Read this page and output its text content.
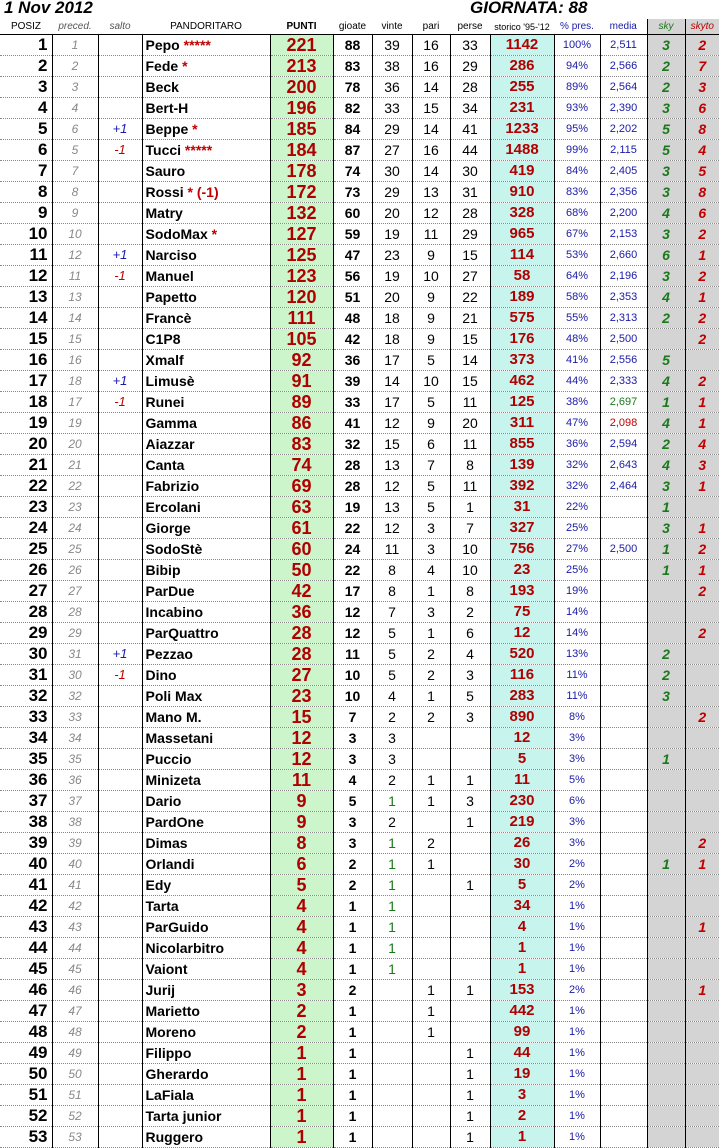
1 Nov 2012	GIORNATA: 88
POSIZ	preced.	salto	PANDORITARO	PUNTI	gioate	vinte	pari	perse	storico '95-'12	% pres.	media	sky	skyto
1	1		Pepo *****	221	88	39	16	33	1142	100%	2,511	3	2
2	2		Fede *	213	83	38	16	29	286	94%	2,566	2	7
3	3		Beck	200	78	36	14	28	255	89%	2,564	2	3
4	4		Bert-H	196	82	33	15	34	231	93%	2,390	3	6
5	6	+1	Beppe *	185	84	29	14	41	1233	95%	2,202	5	8
6	5	-1	Tucci *****	184	87	27	16	44	1488	99%	2,115	5	4
7	7		Sauro	178	74	30	14	30	419	84%	2,405	3	5
8	8		Rossi * (-1)	172	73	29	13	31	910	83%	2,356	3	8
9	9		Matry	132	60	20	12	28	328	68%	2,200	4	6
10	10		SodoMax *	127	59	19	11	29	965	67%	2,153	3	2
11	12	+1	Narciso	125	47	23	9	15	114	53%	2,660	6	1
12	11	-1	Manuel	123	56	19	10	27	58	64%	2,196	3	2
13	13		Papetto	120	51	20	9	22	189	58%	2,353	4	1
14	14		Francè	111	48	18	9	21	575	55%	2,313	2	2
15	15		C1P8	105	42	18	9	15	176	48%	2,500		2
16	16		Xmalf	92	36	17	5	14	373	41%	2,556	5	
17	18	+1	Limusè	91	39	14	10	15	462	44%	2,333	4	2
18	17	-1	Runei	89	33	17	5	11	125	38%	2,697	1	1
19	19		Gamma	86	41	12	9	20	311	47%	2,098	4	1
20	20		Aiazzar	83	32	15	6	11	855	36%	2,594	2	4
21	21		Canta	74	28	13	7	8	139	32%	2,643	4	3
22	22		Fabrizio	69	28	12	5	11	392	32%	2,464	3	1
23	23		Ercolani	63	19	13	5	1	31	22%		1	
24	24		Giorge	61	22	12	3	7	327	25%		3	1
25	25		SodoStè	60	24	11	3	10	756	27%	2,500	1	2
26	26		Bibip	50	22	8	4	10	23	25%		1	1
27	27		ParDue	42	17	8	1	8	193	19%			2
28	28		Incabino	36	12	7	3	2	75	14%			
29	29		ParQuattro	28	12	5	1	6	12	14%			2
30	31	+1	Pezzao	28	11	5	2	4	520	13%		2	
31	30	-1	Dino	27	10	5	2	3	116	11%		2	
32	32		Poli Max	23	10	4	1	5	283	11%		3	
33	33		Mano M.	15	7	2	2	3	890	8%			2
34	34		Massetani	12	3	3			12	3%			
35	35		Puccio	12	3	3			5	3%		1	
36	36		Minizeta	11	4	2	1	1	11	5%			
37	37		Dario	9	5	1	1	3	230	6%			
38	38		PardOne	9	3	2		1	219	3%			
39	39		Dimas	8	3	1	2		26	3%			2
40	40		Orlandi	6	2	1	1		30	2%		1	1
41	41		Edy	5	2	1		1	5	2%			
42	42		Tarta	4	1	1			34	1%			
43	43		ParGuido	4	1	1			4	1%			1
44	44		Nicolarbitro	4	1	1			1	1%			
45	45		Vaiont	4	1	1			1	1%			
46	46		Jurij	3	2		1	1	153	2%			1
47	47		Marietto	2	1		1		442	1%			
48	48		Moreno	2	1		1		99	1%			
49	49		Filippo	1	1			1	44	1%			
50	50		Gherardo	1	1			1	19	1%			
51	51		LaFiala	1	1			1	3	1%			
52	52		Tarta junior	1	1			1	2	1%			
53	53		Ruggero	1	1			1	1	1%			
